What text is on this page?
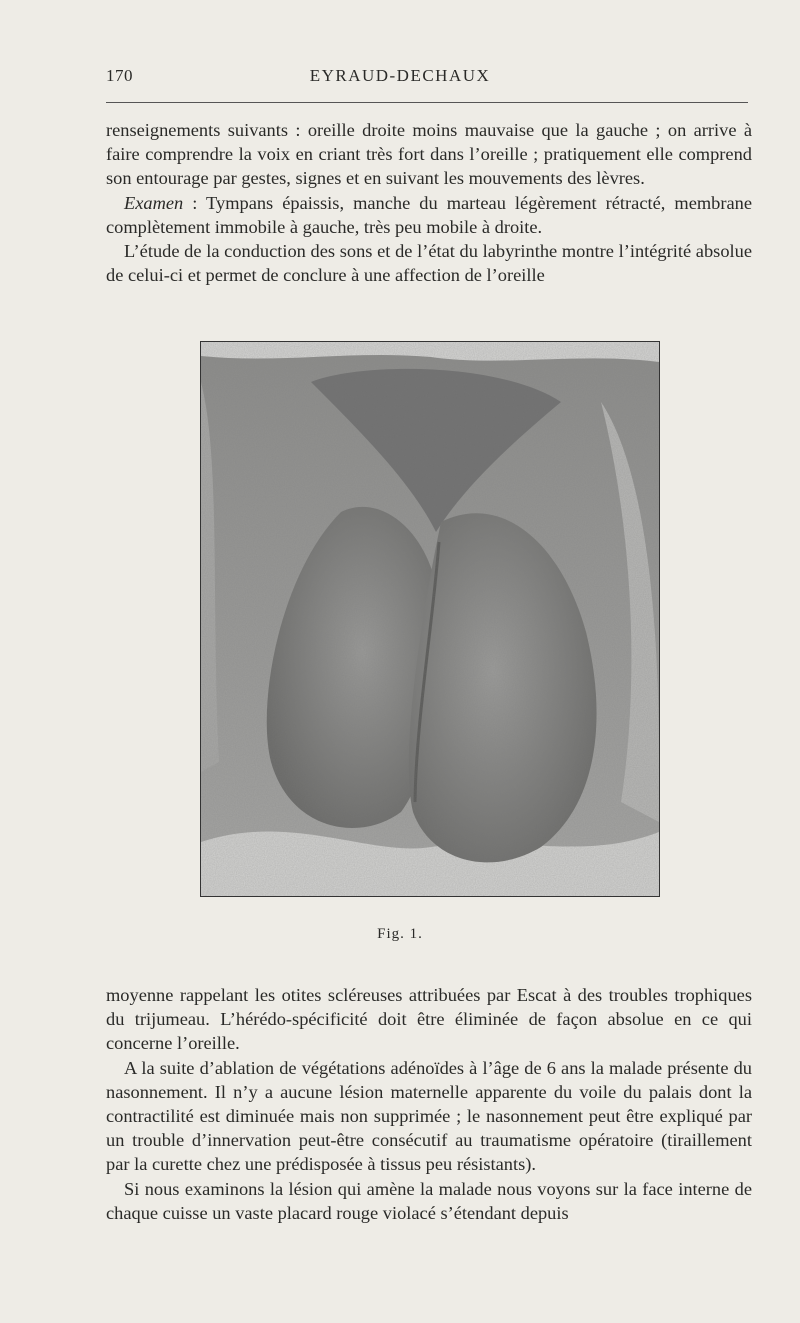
170	EYRAUD-DECHAUX

renseignements suivants : oreille droite moins mauvaise que la gauche ; on arrive à faire comprendre la voix en criant très fort dans l’oreille ; pratiquement elle comprend son entourage par gestes, signes et en suivant les mouvements des lèvres.

Examen : Tympans épaissis, manche du marteau légèrement rétracté, membrane complètement immobile à gauche, très peu mobile à droite.

L’étude de la conduction des sons et de l’état du labyrinthe montre l’intégrité absolue de celui-ci et permet de conclure à une affection de l’oreille

Fig. 1.

moyenne rappelant les otites scléreuses attribuées par Escat à des troubles trophiques du trijumeau. L’hérédo-spécificité doit être éliminée de façon absolue en ce qui concerne l’oreille.

A la suite d’ablation de végétations adénoïdes à l’âge de 6 ans la malade présente du nasonnement. Il n’y a aucune lésion maternelle apparente du voile du palais dont la contractilité est diminuée mais non supprimée ; le nasonnement peut être expliqué par un trouble d’innervation peut-être consécutif au traumatisme opératoire (tiraillement par la curette chez une prédisposée à tissus peu résistants).

Si nous examinons la lésion qui amène la malade nous voyons sur la face interne de chaque cuisse un vaste placard rouge violacé s’étendant depuis
